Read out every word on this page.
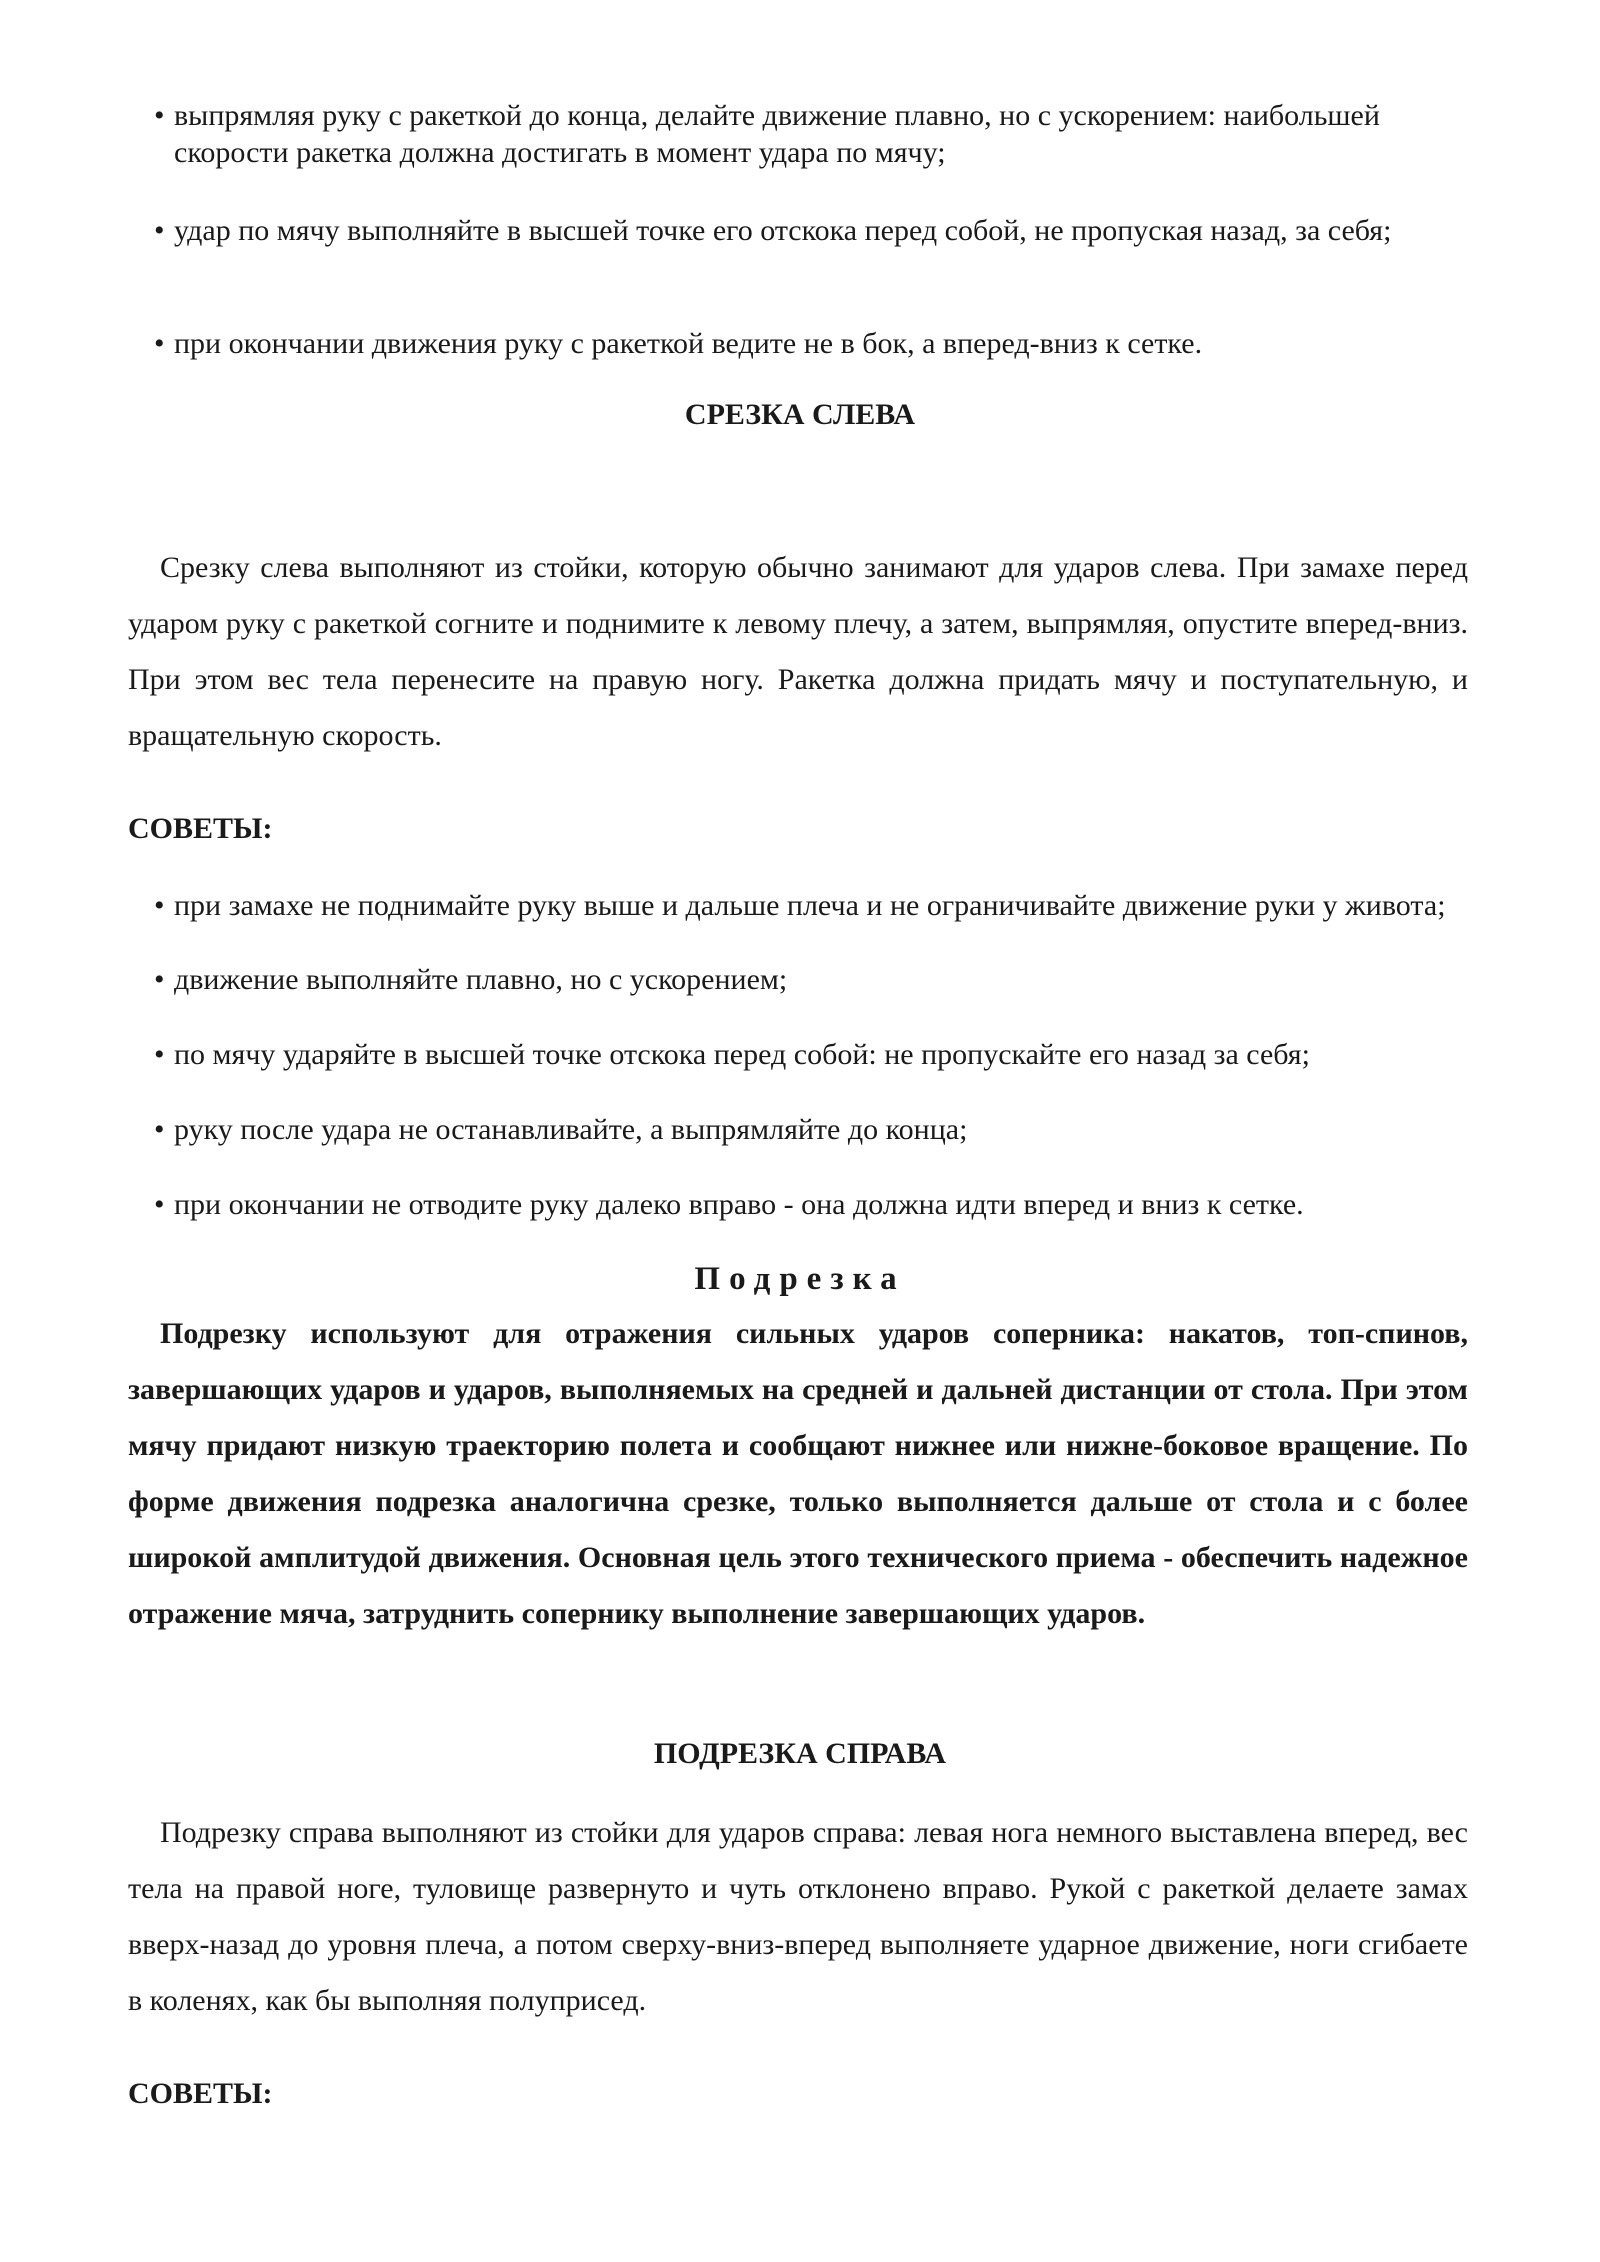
• выпрямляя руку с ракеткой до конца, делайте движение плавно, но с ускорением: наибольшей скорости ракетка должна достигать в момент удара по мячу;

• удар по мячу выполняйте в высшей точке его отскока перед собой, не пропуская назад, за себя;

• при окончании движения руку с ракеткой ведите не в бок, а вперед-вниз к сетке.

СРЕЗКА СЛЕВА

Срезку слева выполняют из стойки, которую обычно занимают для ударов слева. При замахе перед ударом руку с ракеткой согните и поднимите к левому плечу, а затем, выпрямляя, опустите вперед-вниз. При этом вес тела перенесите на правую ногу. Ракетка должна придать мячу и поступательную, и вращательную скорость.

СОВЕТЫ:

• при замахе не поднимайте руку выше и дальше плеча и не ограничивайте движение руки у живота;

• движение выполняйте плавно, но с ускорением;

• по мячу ударяйте в высшей точке отскока перед собой: не пропускайте его назад за себя;

• руку после удара не останавливайте, а выпрямляйте до конца;

• при окончании не отводите руку далеко вправо - она должна идти вперед и вниз к сетке.

Подрезка

Подрезку используют для отражения сильных ударов соперника: накатов, топ-спинов, завершающих ударов и ударов, выполняемых на средней и дальней дистанции от стола. При этом мячу придают низкую траекторию полета и сообщают нижнее или нижне-боковое вращение. По форме движения подрезка аналогична срезке, только выполняется дальше от стола и с более широкой амплитудой движения. Основная цель этого технического приема - обеспечить надежное отражение мяча, затруднить сопернику выполнение завершающих ударов.

ПОДРЕЗКА СПРАВА

Подрезку справа выполняют из стойки для ударов справа: левая нога немного выставлена вперед, вес тела на правой ноге, туловище развернуто и чуть отклонено вправо. Рукой с ракеткой делаете замах вверх-назад до уровня плеча, а потом сверху-вниз-вперед выполняете ударное движение, ноги сгибаете в коленях, как бы выполняя полуприсед.

СОВЕТЫ:
